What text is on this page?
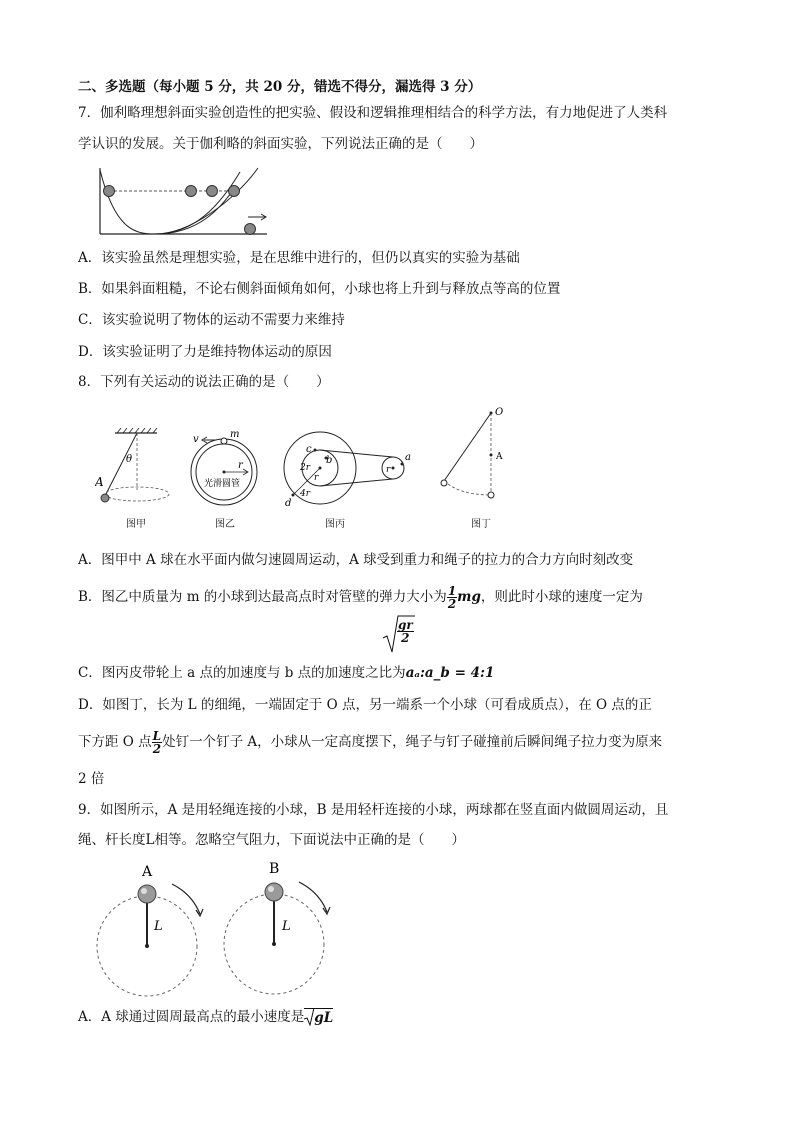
二、多选题（每小题 5 分，共 20 分，错选不得分，漏选得 3 分）
7．伽利略理想斜面实验创造性的把实验、假设和逻辑推理相结合的科学方法，有力地促进了人类科
学认识的发展。关于伽利略的斜面实验，下列说法正确的是（　　）
A．该实验虽然是理想实验，是在思维中进行的，但仍以真实的实验为基础
B．如果斜面粗糙，不论右侧斜面倾角如何，小球也将上升到与释放点等高的位置
C．该实验说明了物体的运动不需要力来维持
D．该实验证明了力是维持物体运动的原因
8．下列有关运动的说法正确的是（　　）
A
θ
图甲
v	m
r
光滑圆管
图乙
c
b	a
d
2r
r
4r
r
图丙
O
A
图丁
A．图甲中 A 球在水平面内做匀速圆周运动，A 球受到重力和绳子的拉力的合力方向时刻改变
B．图乙中质量为 m 的小球到达最高点时对管壁的弹力大小为 $\frac{1}{2}$ mg，则此时小球的速度一定为
$\frac{gr}{2}$
C．图丙皮带轮上 a 点的加速度与 b 点的加速度之比为aₐ:a_b = 4:1
D．如图丁，长为 L 的细绳，一端固定于 O 点，另一端系一个小球（可看成质点），在 O 点的正
下方距 O 点 $\frac{L}{2}$ 处钉一个钉子 A，小球从一定高度摆下，绳子与钉子碰撞前后瞬间绳子拉力变为原来
2 倍
9．如图所示，A 是用轻绳连接的小球，B 是用轻杆连接的小球，两球都在竖直面内做圆周运动，且
绳、杆长度L相等。忽略空气阻力，下面说法中正确的是（　　）
A
L
B
L
A．A 球通过圆周最高点的最小速度是 gL
